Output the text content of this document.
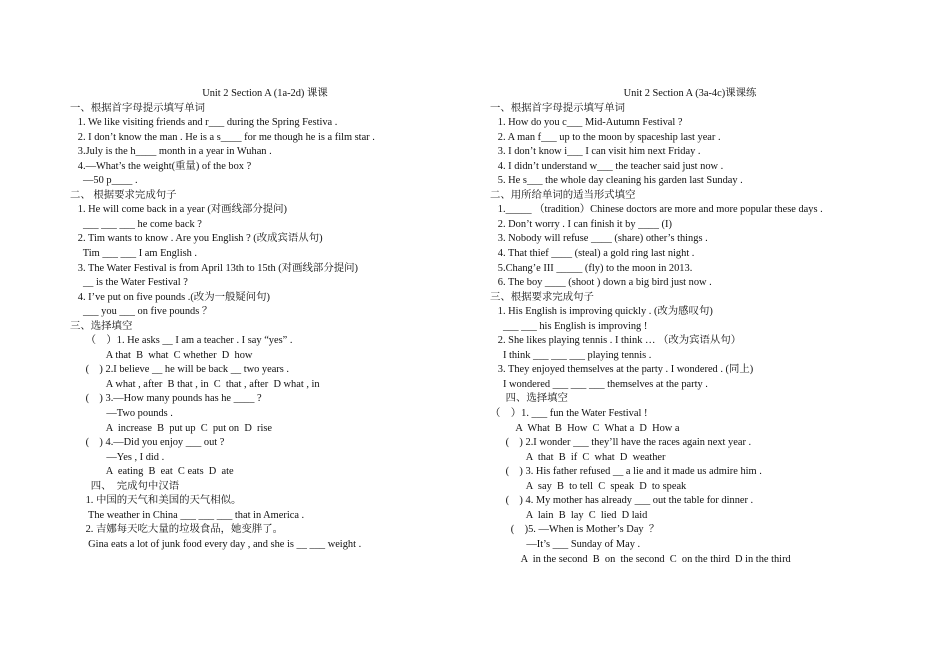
Unit 2 Section A (1a-2d) 课课
一、根据首字母提示填写单词
1. We like visiting friends and r___ during the Spring Festiva .
2. I don’t know the man . He is a s____ for me though he is a film star .
3.July is the h____ month in a year in Wuhan .
4.—What’s the weight(重量) of the box ?
—50 p____ .
二、 根据要求完成句子
1. He will come back in a year (对画线部分提问)
___ ___ ___ he come back ?
2. Tim wants to know . Are you English ? (改成宾语从句)
Tim ___ ___ I am English .
3. The Water Festival is from April 13th to 15th (对画线部分提问)
__ is the Water Festival ?
4. I’ve put on five pounds .(改为一般疑问句)
___ you ___ on five pounds ？
三、选择填空
（    ）1. He asks __ I am a teacher . I say “yes” .
A that  B  what  C whether  D  how
(    ) 2.I believe __ he will be back __ two years .
A what , after  B that , in  C  that , after  D what , in
(    ) 3.—How many pounds has he ____ ?
—Two pounds .
A  increase  B  put up  C  put on  D  rise
(    ) 4.—Did you enjoy ___ out ?
—Yes , I did .
A  eating  B  eat  C eats  D  ate
四、  完成句中汉语
1. 中国的天气和美国的天气相似。
The weather in China ___ ___ ___ that in America .
2. 吉娜每天吃大量的垃圾食品，她变胖了。
Gina eats a lot of junk food every day , and she is __ ___ weight .
Unit 2 Section A (3a-4c)课课练
一、根据首字母提示填写单词
1. How do you c___ Mid-Autumn Festival ?
2. A man f___ up to the moon by spaceship last year .
3. I don’t know i___ I can visit him next Friday .
4. I didn’t understand w___ the teacher said just now .
5. He s___ the whole day cleaning his garden last Sunday .
二、用所给单词的适当形式填空
1._____ （tradition）Chinese doctors are more and more popular these days .
2. Don’t worry . I can finish it by ____ (I)
3. Nobody will refuse ____ (share) other’s things .
4. That thief ____ (steal) a gold ring last night .
5.Chang’e III _____ (fly) to the moon in 2013.
6. The boy ____ (shoot ) down a big bird just now .
三、根据要求完成句子
1. His English is improving quickly . (改为感叹句)
___ ___ his English is improving !
2. She likes playing tennis . I think … （改为宾语从句）
I think ___ ___ ___ playing tennis .
3. They enjoyed themselves at the party . I wondered . (同上)
I wondered ___ ___ ___ themselves at the party .
四、选择填空
（    ）1. ___ fun the Water Festival !
A  What  B  How  C  What a  D  How a
(    ) 2.I wonder ___ they’ll have the races again next year .
A  that  B  if  C  what  D  weather
(    ) 3. His father refused __ a lie and it made us admire him .
A  say  B  to tell  C  speak  D  to speak
(    ) 4. My mother has already ___ out the table for dinner .
A  lain  B  lay  C  lied  D laid
(    )5. —When is Mother’s Day  ？
—It’s ___ Sunday of May .
A  in the second  B  on  the second  C  on the third  D in the third
